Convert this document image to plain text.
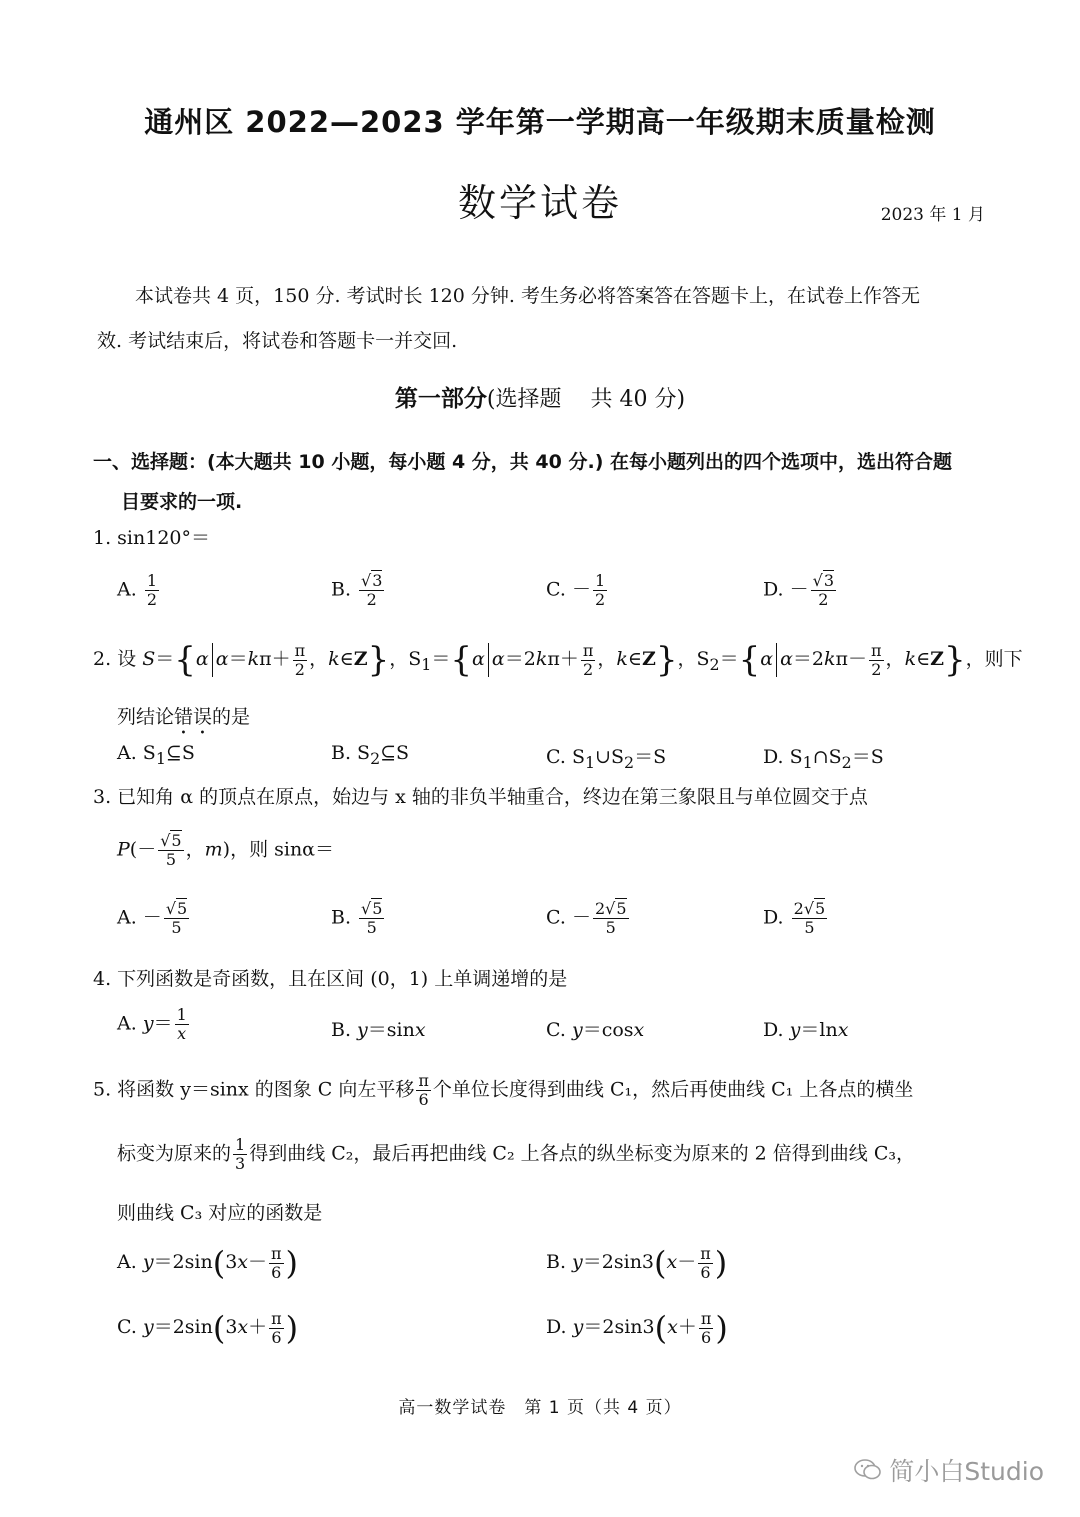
通州区 2022—2023 学年第一学期高一年级期末质量检测
数学试卷	2023 年 1 月
本试卷共 4 页，150 分. 考试时长 120 分钟. 考生务必将答案答在答题卡上，在试卷上作答无
效. 考试结束后，将试卷和答题卡一并交回.
第一部分(选择题　 共 40 分)
一、选择题：(本大题共 10 小题，每小题 4 分，共 40 分.) 在每小题列出的四个选项中，选出符合题
目要求的一项.
1. sin120°＝
A. $\frac{1}{2}$	B. $\frac{√3}{2}$	C. － $\frac{1}{2}$	D. － $\frac{√3}{2}$
2. 设 S＝{α $\alpha=k\pi+ \frac{\pi}{2}$ ，k∈Z}，$S_1=\{\alpha$ $\alpha=2k\pi+ \frac{\pi}{2}$ ，k∈Z}，$S_2=\{\alpha$ $\alpha=2k\pi- \frac{\pi}{2}$ ，k∈Z}，则下
列结论错误的是
A. $S_1⊆S$	B. $S_2⊆S$	C. $S_1\cup S_2=S$	D. $S_1\cap S_2=S$
3. 已知角 α 的顶点在原点，始边与 x 轴的非负半轴重合，终边在第三象限且与单位圆交于点
$P(- \frac{√5}{5}$ ，m)，则 sinα＝
A. － $\frac{√5}{5}$	B. $\frac{√5}{5}$	C. － $\frac{2√5}{5}$	D. $\frac{2√5}{5}$
4. 下列函数是奇函数，且在区间 (0，1) 上单调递增的是
A. $y= \frac{1}{x}$	B. y＝sinx	C. y＝cosx	D. y＝lnx
5. 将函数 y＝sinx 的图象 C 向左平移 $\frac{\pi}{6}$ 个单位长度得到曲线 C₁，然后再使曲线 C₁ 上各点的横坐
标变为原来的 $\frac{1}{3}$ 得到曲线 C₂，最后再把曲线 C₂ 上各点的纵坐标变为原来的 2 倍得到曲线 C₃，
则曲线 C₃ 对应的函数是
A. $y=2\sin(3x- \frac{\pi}{6}$ )	B. $y=2\sin 3(x- \frac{\pi}{6}$ )
C. $y=2\sin(3x+ \frac{\pi}{6}$ )	D. $y=2\sin 3(x+ \frac{\pi}{6}$ )
高一数学试卷　第 1 页（共 4 页）
简小白Studio
